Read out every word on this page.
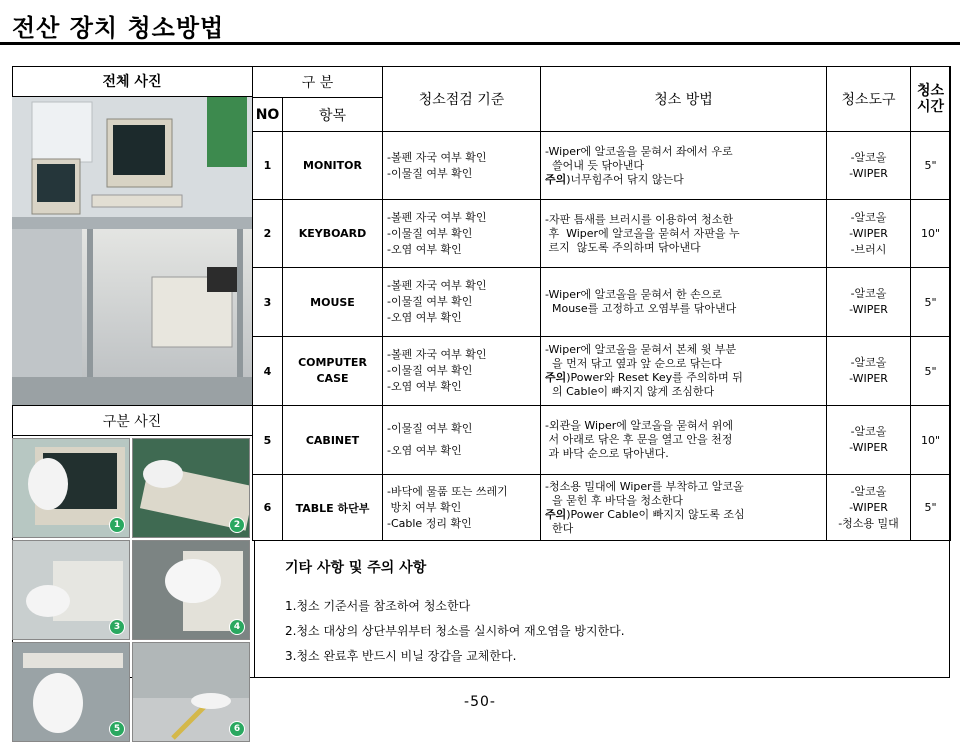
전산 장치 청소방법
전체 사진
구분 사진
1	2
3	4
5	6
구 분		청소점검 기준	청소 방법	청소도구	청소
시간

NO	항목				
1	MONITOR	-볼펜 자국 여부 확인
-이물질 여부 확인	-Wiper에 알코올을 묻혀서 좌에서 우로
쓸어내 듯 닦아낸다
주의)너무힘주어 닦지 않는다	-알코올
-WIPER	5"
2	KEYBOARD	-볼펜 자국 여부 확인
-이물질 여부 확인
-오염 여부 확인	-자판 틈새를 브러시를 이용하여 청소한
후  Wiper에 알코올을 묻혀서 자판을 누
르지  않도록 주의하며 닦아낸다	-알코올
-WIPER
-브러시	10"
3	MOUSE	-볼펜 자국 여부 확인
-이물질 여부 확인
-오염 여부 확인	-Wiper에 알코올을 묻혀서 한 손으로
Mouse를 고정하고 오염부를 닦아낸다	-알코올
-WIPER	5"
4	COMPUTER
CASE	-볼펜 자국 여부 확인
-이물질 여부 확인
-오염 여부 확인	-Wiper에 알코올을 묻혀서 본체 윗 부분
을 먼저 닦고 옆과 앞 순으로 닦는다
주의)Power와 Reset Key를 주의하며 뒤
의 Cable이 빠지지 않게 조심한다	-알코올
-WIPER	5"
5	CABINET	-이물질 여부 확인
-오염 여부 확인	-외관을 Wiper에 알코올을 묻혀서 위에
서 아래로 닦은 후 문을 열고 안을 천정
과 바닥 순으로 닦아낸다.	-알코올
-WIPER	10"
6	TABLE 하단부	-바닥에 물품 또는 쓰레기
방치 여부 확인
-Cable 정리 확인	-청소용 밀대에 Wiper를 부착하고 알코올
을 묻힌 후 바닥을 청소한다
주의)Power Cable이 빠지지 않도록 조심
한다	-알코올
-WIPER
-청소용 밀대	5"
기타 사항 및 주의 사항
1.청소 기준서를 참조하여 청소한다
2.청소 대상의 상단부위부터 청소를 실시하여 재오염을 방지한다.
3.청소 완료후 반드시 비닐 장갑을 교체한다.
-50-
